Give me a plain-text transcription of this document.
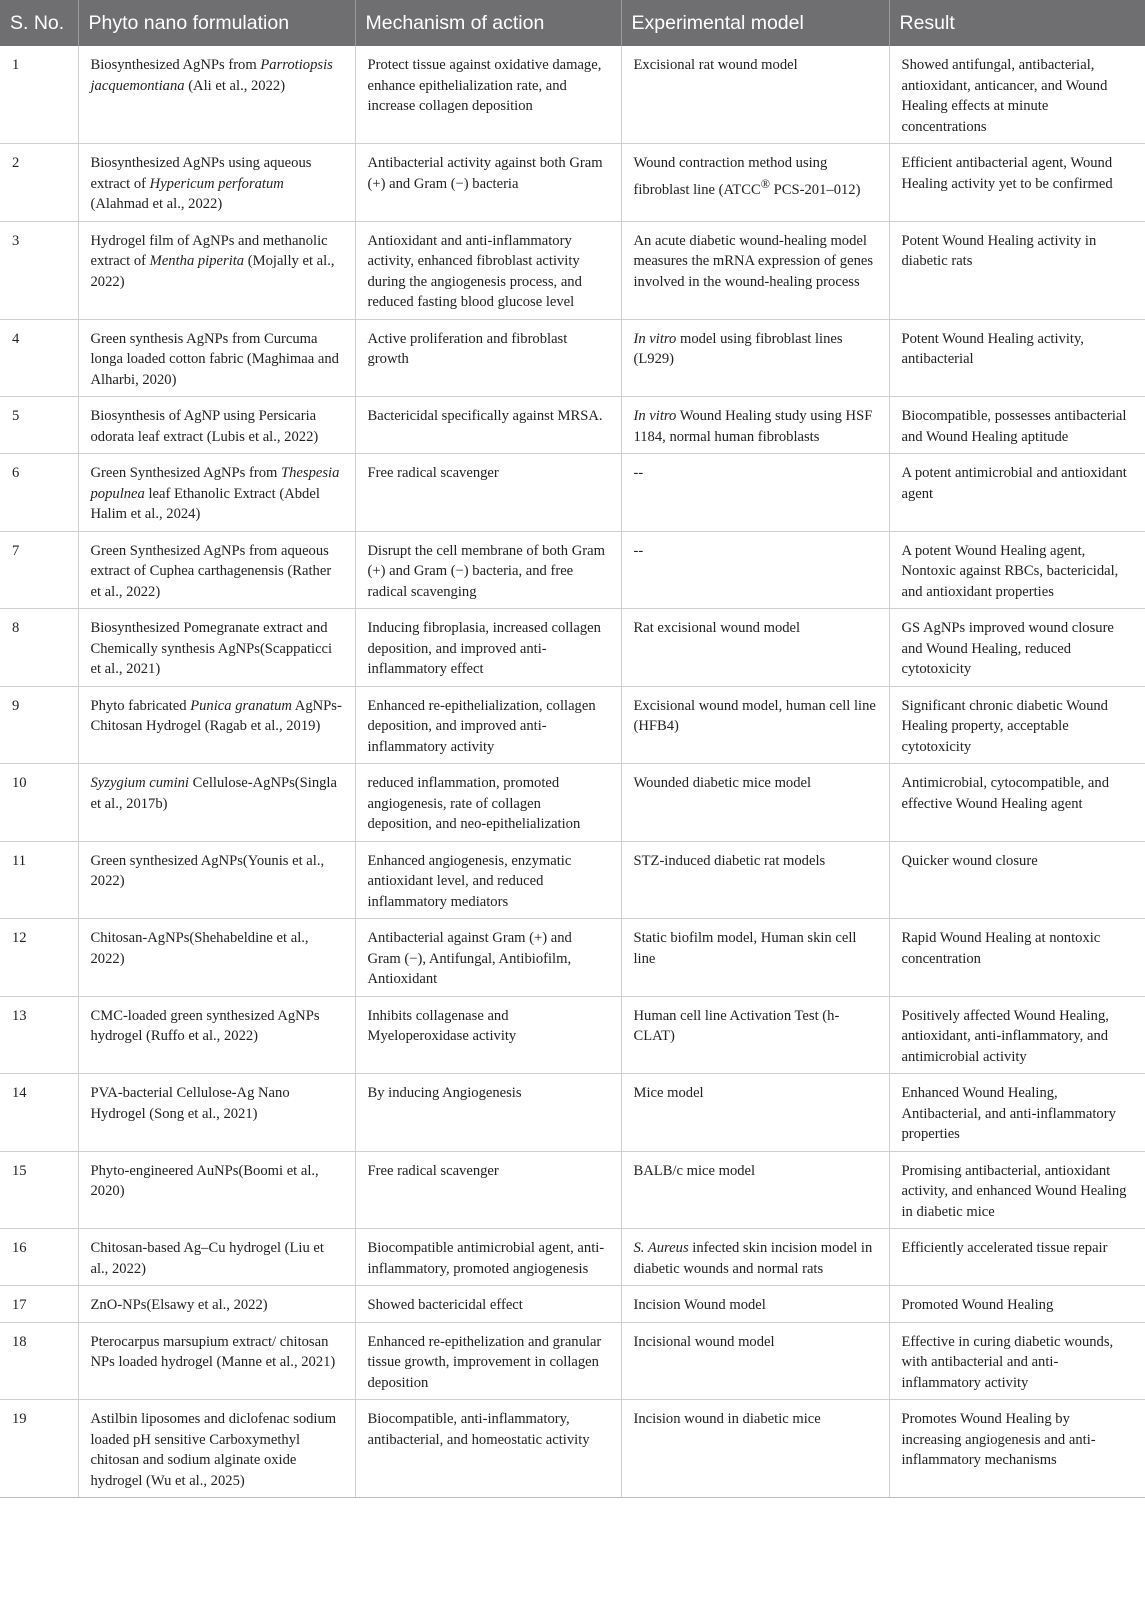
S. No.	Phyto nano formulation	Mechanism of action	Experimental model	Result
1	Biosynthesized AgNPs from Parrotiopsis jacquemontiana (Ali et al., 2022)	Protect tissue against oxidative damage, enhance epithelialization rate, and increase collagen deposition	Excisional rat wound model	Showed antifungal, antibacterial, antioxidant, anticancer, and Wound Healing effects at minute concentrations
2	Biosynthesized AgNPs using aqueous extract of Hypericum perforatum (Alahmad et al., 2022)	Antibacterial activity against both Gram (+) and Gram (−) bacteria	Wound contraction method using fibroblast line (ATCC® PCS-201–012)	Efficient antibacterial agent, Wound Healing activity yet to be confirmed
3	Hydrogel film of AgNPs and methanolic extract of Mentha piperita (Mojally et al., 2022)	Antioxidant and anti-inflammatory activity, enhanced fibroblast activity during the angiogenesis process, and reduced fasting blood glucose level	An acute diabetic wound-healing model measures the mRNA expression of genes involved in the wound-healing process	Potent Wound Healing activity in diabetic rats
4	Green synthesis AgNPs from Curcuma longa loaded cotton fabric (Maghimaa and Alharbi, 2020)	Active proliferation and fibroblast growth	In vitro model using fibroblast lines (L929)	Potent Wound Healing activity, antibacterial
5	Biosynthesis of AgNP using Persicaria odorata leaf extract (Lubis et al., 2022)	Bactericidal specifically against MRSA.	In vitro Wound Healing study using HSF 1184, normal human fibroblasts	Biocompatible, possesses antibacterial and Wound Healing aptitude
6	Green Synthesized AgNPs from Thespesia populnea leaf Ethanolic Extract (Abdel Halim et al., 2024)	Free radical scavenger	--	A potent antimicrobial and antioxidant agent
7	Green Synthesized AgNPs from aqueous extract of Cuphea carthagenensis (Rather et al., 2022)	Disrupt the cell membrane of both Gram (+) and Gram (−) bacteria, and free radical scavenging	--	A potent Wound Healing agent, Nontoxic against RBCs, bactericidal, and antioxidant properties
8	Biosynthesized Pomegranate extract and Chemically synthesis AgNPs(Scappaticci et al., 2021)	Inducing fibroplasia, increased collagen deposition, and improved anti-inflammatory effect	Rat excisional wound model	GS AgNPs improved wound closure and Wound Healing, reduced cytotoxicity
9	Phyto fabricated Punica granatum AgNPs-Chitosan Hydrogel (Ragab et al., 2019)	Enhanced re-epithelialization, collagen deposition, and improved anti-inflammatory activity	Excisional wound model, human cell line (HFB4)	Significant chronic diabetic Wound Healing property, acceptable cytotoxicity
10	Syzygium cumini Cellulose-AgNPs(Singla et al., 2017b)	reduced inflammation, promoted angiogenesis, rate of collagen deposition, and neo-epithelialization	Wounded diabetic mice model	Antimicrobial, cytocompatible, and effective Wound Healing agent
11	Green synthesized AgNPs(Younis et al., 2022)	Enhanced angiogenesis, enzymatic antioxidant level, and reduced inflammatory mediators	STZ-induced diabetic rat models	Quicker wound closure
12	Chitosan-AgNPs(Shehabeldine et al., 2022)	Antibacterial against Gram (+) and Gram (−), Antifungal, Antibiofilm, Antioxidant	Static biofilm model, Human skin cell line	Rapid Wound Healing at nontoxic concentration
13	CMC-loaded green synthesized AgNPs hydrogel (Ruffo et al., 2022)	Inhibits collagenase and Myeloperoxidase activity	Human cell line Activation Test (h-CLAT)	Positively affected Wound Healing, antioxidant, anti-inflammatory, and antimicrobial activity
14	PVA-bacterial Cellulose-Ag Nano Hydrogel (Song et al., 2021)	By inducing Angiogenesis	Mice model	Enhanced Wound Healing, Antibacterial, and anti-inflammatory properties
15	Phyto-engineered AuNPs(Boomi et al., 2020)	Free radical scavenger	BALB/c mice model	Promising antibacterial, antioxidant activity, and enhanced Wound Healing in diabetic mice
16	Chitosan-based Ag–Cu hydrogel (Liu et al., 2022)	Biocompatible antimicrobial agent, anti-inflammatory, promoted angiogenesis	S. Aureus infected skin incision model in diabetic wounds and normal rats	Efficiently accelerated tissue repair
17	ZnO-NPs(Elsawy et al., 2022)	Showed bactericidal effect	Incision Wound model	Promoted Wound Healing
18	Pterocarpus marsupium extract/ chitosan NPs loaded hydrogel (Manne et al., 2021)	Enhanced re-epithelization and granular tissue growth, improvement in collagen deposition	Incisional wound model	Effective in curing diabetic wounds, with antibacterial and anti-inflammatory activity
19	Astilbin liposomes and diclofenac sodium loaded pH sensitive Carboxymethyl chitosan and sodium alginate oxide hydrogel (Wu et al., 2025)	Biocompatible, anti-inflammatory, antibacterial, and homeostatic activity	Incision wound in diabetic mice	Promotes Wound Healing by increasing angiogenesis and anti-inflammatory mechanisms
